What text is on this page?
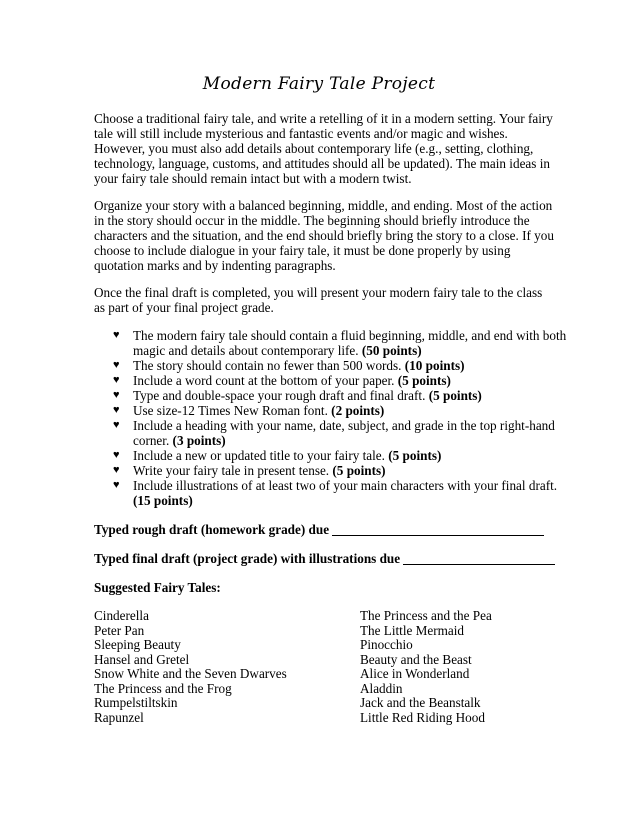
Modern Fairy Tale Project

Choose a traditional fairy tale, and write a retelling of it in a modern setting. Your fairy tale will still include mysterious and fantastic events and/or magic and wishes. However, you must also add details about contemporary life (e.g., setting, clothing, technology, language, customs, and attitudes should all be updated). The main ideas in your fairy tale should remain intact but with a modern twist.

Organize your story with a balanced beginning, middle, and ending. Most of the action in the story should occur in the middle. The beginning should briefly introduce the characters and the situation, and the end should briefly bring the story to a close. If you choose to include dialogue in your fairy tale, it must be done properly by using quotation marks and by indenting paragraphs.

Once the final draft is completed, you will present your modern fairy tale to the class as part of your final project grade.

♥ The modern fairy tale should contain a fluid beginning, middle, and end with both magic and details about contemporary life. (50 points)
♥ The story should contain no fewer than 500 words. (10 points)
♥ Include a word count at the bottom of your paper. (5 points)
♥ Type and double-space your rough draft and final draft. (5 points)
♥ Use size-12 Times New Roman font. (2 points)
♥ Include a heading with your name, date, subject, and grade in the top right-hand corner. (3 points)
♥ Include a new or updated title to your fairy tale. (5 points)
♥ Write your fairy tale in present tense. (5 points)
♥ Include illustrations of at least two of your main characters with your final draft. (15 points)
Typed rough draft (homework grade) due
Typed final draft (project grade) with illustrations due
Suggested Fairy Tales:
Cinderella
Peter Pan
Sleeping Beauty
Hansel and Gretel
Snow White and the Seven Dwarves
The Princess and the Frog
Rumpelstiltskin
Rapunzel
The Princess and the Pea
The Little Mermaid
Pinocchio
Beauty and the Beast
Alice in Wonderland
Aladdin
Jack and the Beanstalk
Little Red Riding Hood
